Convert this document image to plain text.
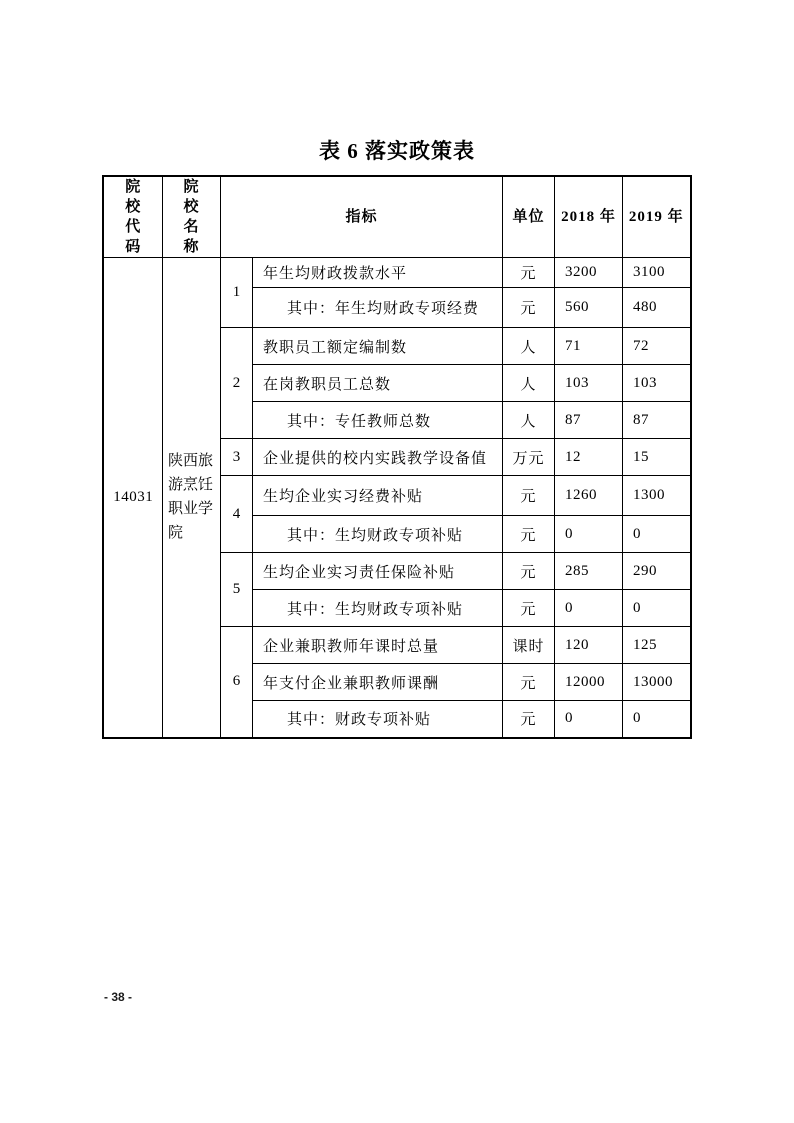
表 6 落实政策表
院校代码	院校名称	指标		单位	2018 年	2019 年
14031	陕西旅游烹饪职业学院	1	年生均财政拨款水平	元	3200	3100
			其中：年生均财政专项经费	元	560	480
		2	教职员工额定编制数	人	71	72
			在岗教职员工总数	人	103	103
			其中：专任教师总数	人	87	87
		3	企业提供的校内实践教学设备值	万元	12	15
		4	生均企业实习经费补贴	元	1260	1300
			其中：生均财政专项补贴	元	0	0
		5	生均企业实习责任保险补贴	元	285	290
			其中：生均财政专项补贴	元	0	0
		6	企业兼职教师年课时总量	课时	120	125
			年支付企业兼职教师课酬	元	12000	13000
			其中：财政专项补贴	元	0	0
- 38 -
